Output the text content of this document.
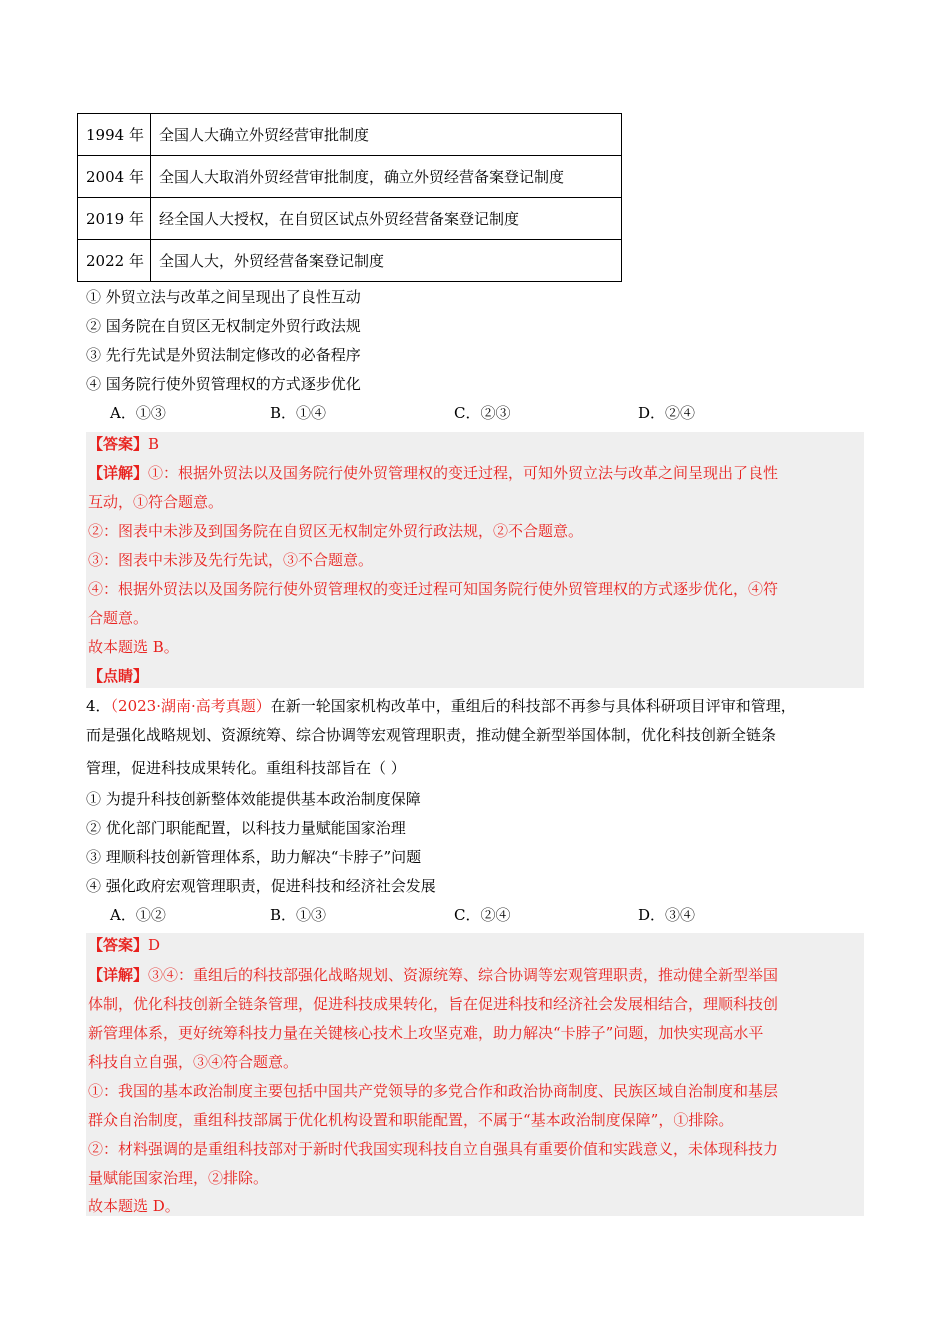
1994 年	全国人大确立外贸经营审批制度
2004 年	全国人大取消外贸经营审批制度，确立外贸经营备案登记制度
2019 年	经全国人大授权，在自贸区试点外贸经营备案登记制度
2022 年	全国人大，外贸经营备案登记制度
① 外贸立法与改革之间呈现出了良性互动
② 国务院在自贸区无权制定外贸行政法规
③ 先行先试是外贸法制定修改的必备程序
④ 国务院行使外贸管理权的方式逐步优化
A．①③	B．①④	C．②③	D．②④
【答案】B
【详解】①：根据外贸法以及国务院行使外贸管理权的变迁过程，可知外贸立法与改革之间呈现出了良性
互动，①符合题意。
②：图表中未涉及到国务院在自贸区无权制定外贸行政法规，②不合题意。
③：图表中未涉及先行先试，③不合题意。
④：根据外贸法以及国务院行使外贸管理权的变迁过程可知国务院行使外贸管理权的方式逐步优化，④符
合题意。
故本题选 B。
【点睛】
4．（2023·湖南·高考真题）在新一轮国家机构改革中，重组后的科技部不再参与具体科研项目评审和管理，
而是强化战略规划、资源统筹、综合协调等宏观管理职责，推动健全新型举国体制，优化科技创新全链条
管理，促进科技成果转化。重组科技部旨在（ ）
① 为提升科技创新整体效能提供基本政治制度保障
② 优化部门职能配置，以科技力量赋能国家治理
③ 理顺科技创新管理体系，助力解决“卡脖子”问题
④ 强化政府宏观管理职责，促进科技和经济社会发展
A．①②	B．①③	C．②④	D．③④
【答案】D
【详解】③④：重组后的科技部强化战略规划、资源统筹、综合协调等宏观管理职责，推动健全新型举国
体制，优化科技创新全链条管理，促进科技成果转化，旨在促进科技和经济社会发展相结合，理顺科技创
新管理体系，更好统筹科技力量在关键核心技术上攻坚克难，助力解决“卡脖子”问题，加快实现高水平
科技自立自强，③④符合题意。
①：我国的基本政治制度主要包括中国共产党领导的多党合作和政治协商制度、民族区域自治制度和基层
群众自治制度，重组科技部属于优化机构设置和职能配置，不属于“基本政治制度保障”，①排除。
②：材料强调的是重组科技部对于新时代我国实现科技自立自强具有重要价值和实践意义，未体现科技力
量赋能国家治理，②排除。
故本题选 D。
